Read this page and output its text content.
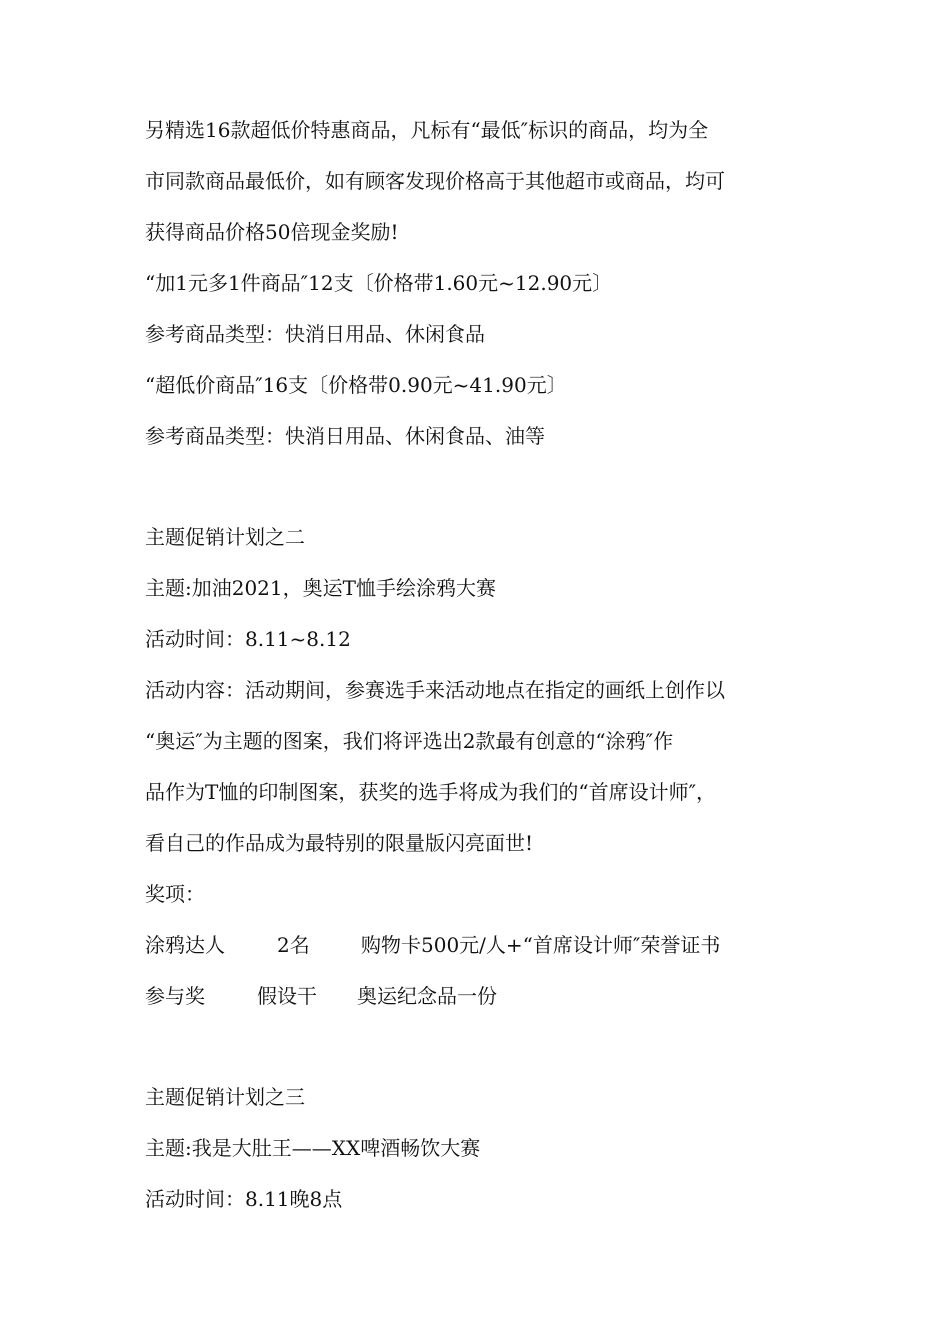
另精选16款超低价特惠商品，凡标有“最低″标识的商品，均为全
市同款商品最低价，如有顾客发现价格高于其他超市或商品，均可
获得商品价格50倍现金奖励!
“加1元多1件商品″12支〔价格带1.60元~12.90元〕
参考商品类型：快消日用品、休闲食品
“超低价商品″16支〔价格带0.90元~41.90元〕
参考商品类型：快消日用品、休闲食品、油等
主题促销计划之二
主题:加油2021，奥运T恤手绘涂鸦大赛
活动时间：8.11~8.12
活动内容：活动期间，参赛选手来活动地点在指定的画纸上创作以
“奥运″为主题的图案，我们将评选出2款最有创意的“涂鸦″作
品作为T恤的印制图案，获奖的选手将成为我们的“首席设计师″，
看自己的作品成为最特别的限量版闪亮面世!
奖项：
涂鸦达人	2名	购物卡500元/人+“首席设计师″荣誉证书
参与奖	假设干 奥运纪念品一份
主题促销计划之三
主题:我是大肚王——XX啤酒畅饮大赛
活动时间：8.11晚8点
